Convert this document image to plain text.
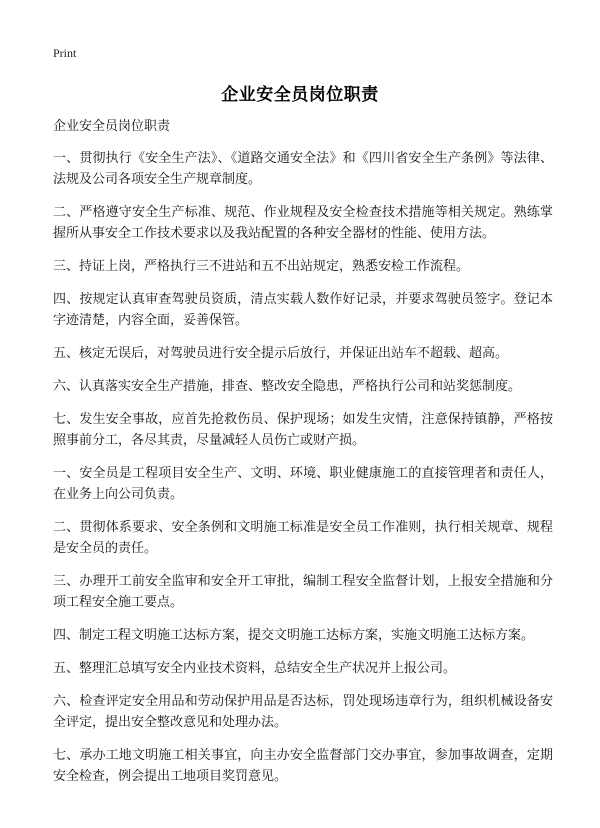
Print
企业安全员岗位职责

企业安全员岗位职责

一、贯彻执行《安全生产法》、《道路交通安全法》和《四川省安全生产条例》等法律、法规及公司各项安全生产规章制度。

二、严格遵守安全生产标准、规范、作业规程及安全检查技术措施等相关规定。熟练掌握所从事安全工作技术要求以及我站配置的各种安全器材的性能、使用方法。

三、持证上岗，严格执行三不进站和五不出站规定，熟悉安检工作流程。

四、按规定认真审查驾驶员资质，清点实载人数作好记录，并要求驾驶员签字。登记本字迹清楚，内容全面，妥善保管。

五、核定无误后，对驾驶员进行安全提示后放行，并保证出站车不超载、超高。

六、认真落实安全生产措施，排查、整改安全隐患，严格执行公司和站奖惩制度。

七、发生安全事故，应首先抢救伤员、保护现场；如发生灾情，注意保持镇静，严格按照事前分工，各尽其责，尽量减轻人员伤亡或财产损。

一、安全员是工程项目安全生产、文明、环境、职业健康施工的直接管理者和责任人，在业务上向公司负责。

二、贯彻体系要求、安全条例和文明施工标准是安全员工作准则，执行相关规章、规程是安全员的责任。

三、办理开工前安全监审和安全开工审批，编制工程安全监督计划，上报安全措施和分项工程安全施工要点。

四、制定工程文明施工达标方案，提交文明施工达标方案，实施文明施工达标方案。

五、整理汇总填写安全内业技术资料，总结安全生产状况并上报公司。

六、检查评定安全用品和劳动保护用品是否达标，罚处现场违章行为，组织机械设备安全评定，提出安全整改意见和处理办法。

七、承办工地文明施工相关事宜，向主办安全监督部门交办事宜，参加事故调查，定期安全检查，例会提出工地项目奖罚意见。
